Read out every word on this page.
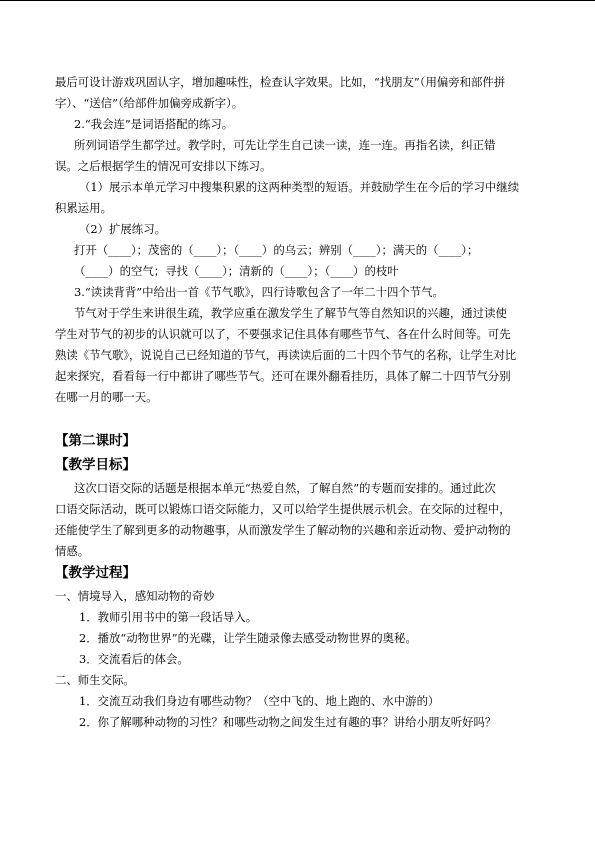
最后可设计游戏巩固认字，增加趣味性，检查认字效果。比如，“找朋友”（用偏旁和部件拼
字）、“送信”（给部件加偏旁成新字）。
2.“我会连”是词语搭配的练习。
所列词语学生都学过。教学时，可先让学生自己读一读，连一连。再指名读，纠正错
误。之后根据学生的情况可安排以下练习。
（1）展示本单元学习中搜集积累的这两种类型的短语。并鼓励学生在今后的学习中继续
积累运用。
（2）扩展练习。
打开（____）；茂密的（____）；（____）的乌云；辨别（____）；满天的（____）；
（____）的空气；寻找（____）；清新的（____）；（____）的枝叶
3.“读读背背”中给出一首《节气歌》，四行诗歌包含了一年二十四个节气。
节气对于学生来讲很生疏，教学应重在激发学生了解节气等自然知识的兴趣，通过读使
学生对节气的初步的认识就可以了，不要强求记住具体有哪些节气、各在什么时间等。可先
熟读《节气歌》，说说自己已经知道的节气，再读读后面的二十四个节气的名称，让学生对比
起来探究，看看每一行中都讲了哪些节气。还可在课外翻看挂历，具体了解二十四节气分别
在哪一月的哪一天。
【第二课时】
【教学目标】
这次口语交际的话题是根据本单元“热爱自然，了解自然”的专题而安排的。通过此次
口语交际活动，既可以锻炼口语交际能力，又可以给学生提供展示机会。在交际的过程中，
还能使学生了解到更多的动物趣事，从而激发学生了解动物的兴趣和亲近动物、爱护动物的
情感。
【教学过程】
一、情境导入，感知动物的奇妙
1．教师引用书中的第一段话导入。
2．播放“动物世界”的光碟，让学生随录像去感受动物世界的奥秘。
3．交流看后的体会。
二、师生交际。
1．交流互动我们身边有哪些动物？（空中飞的、地上跑的、水中游的）
2．你了解哪种动物的习性？和哪些动物之间发生过有趣的事？讲给小朋友听好吗？
